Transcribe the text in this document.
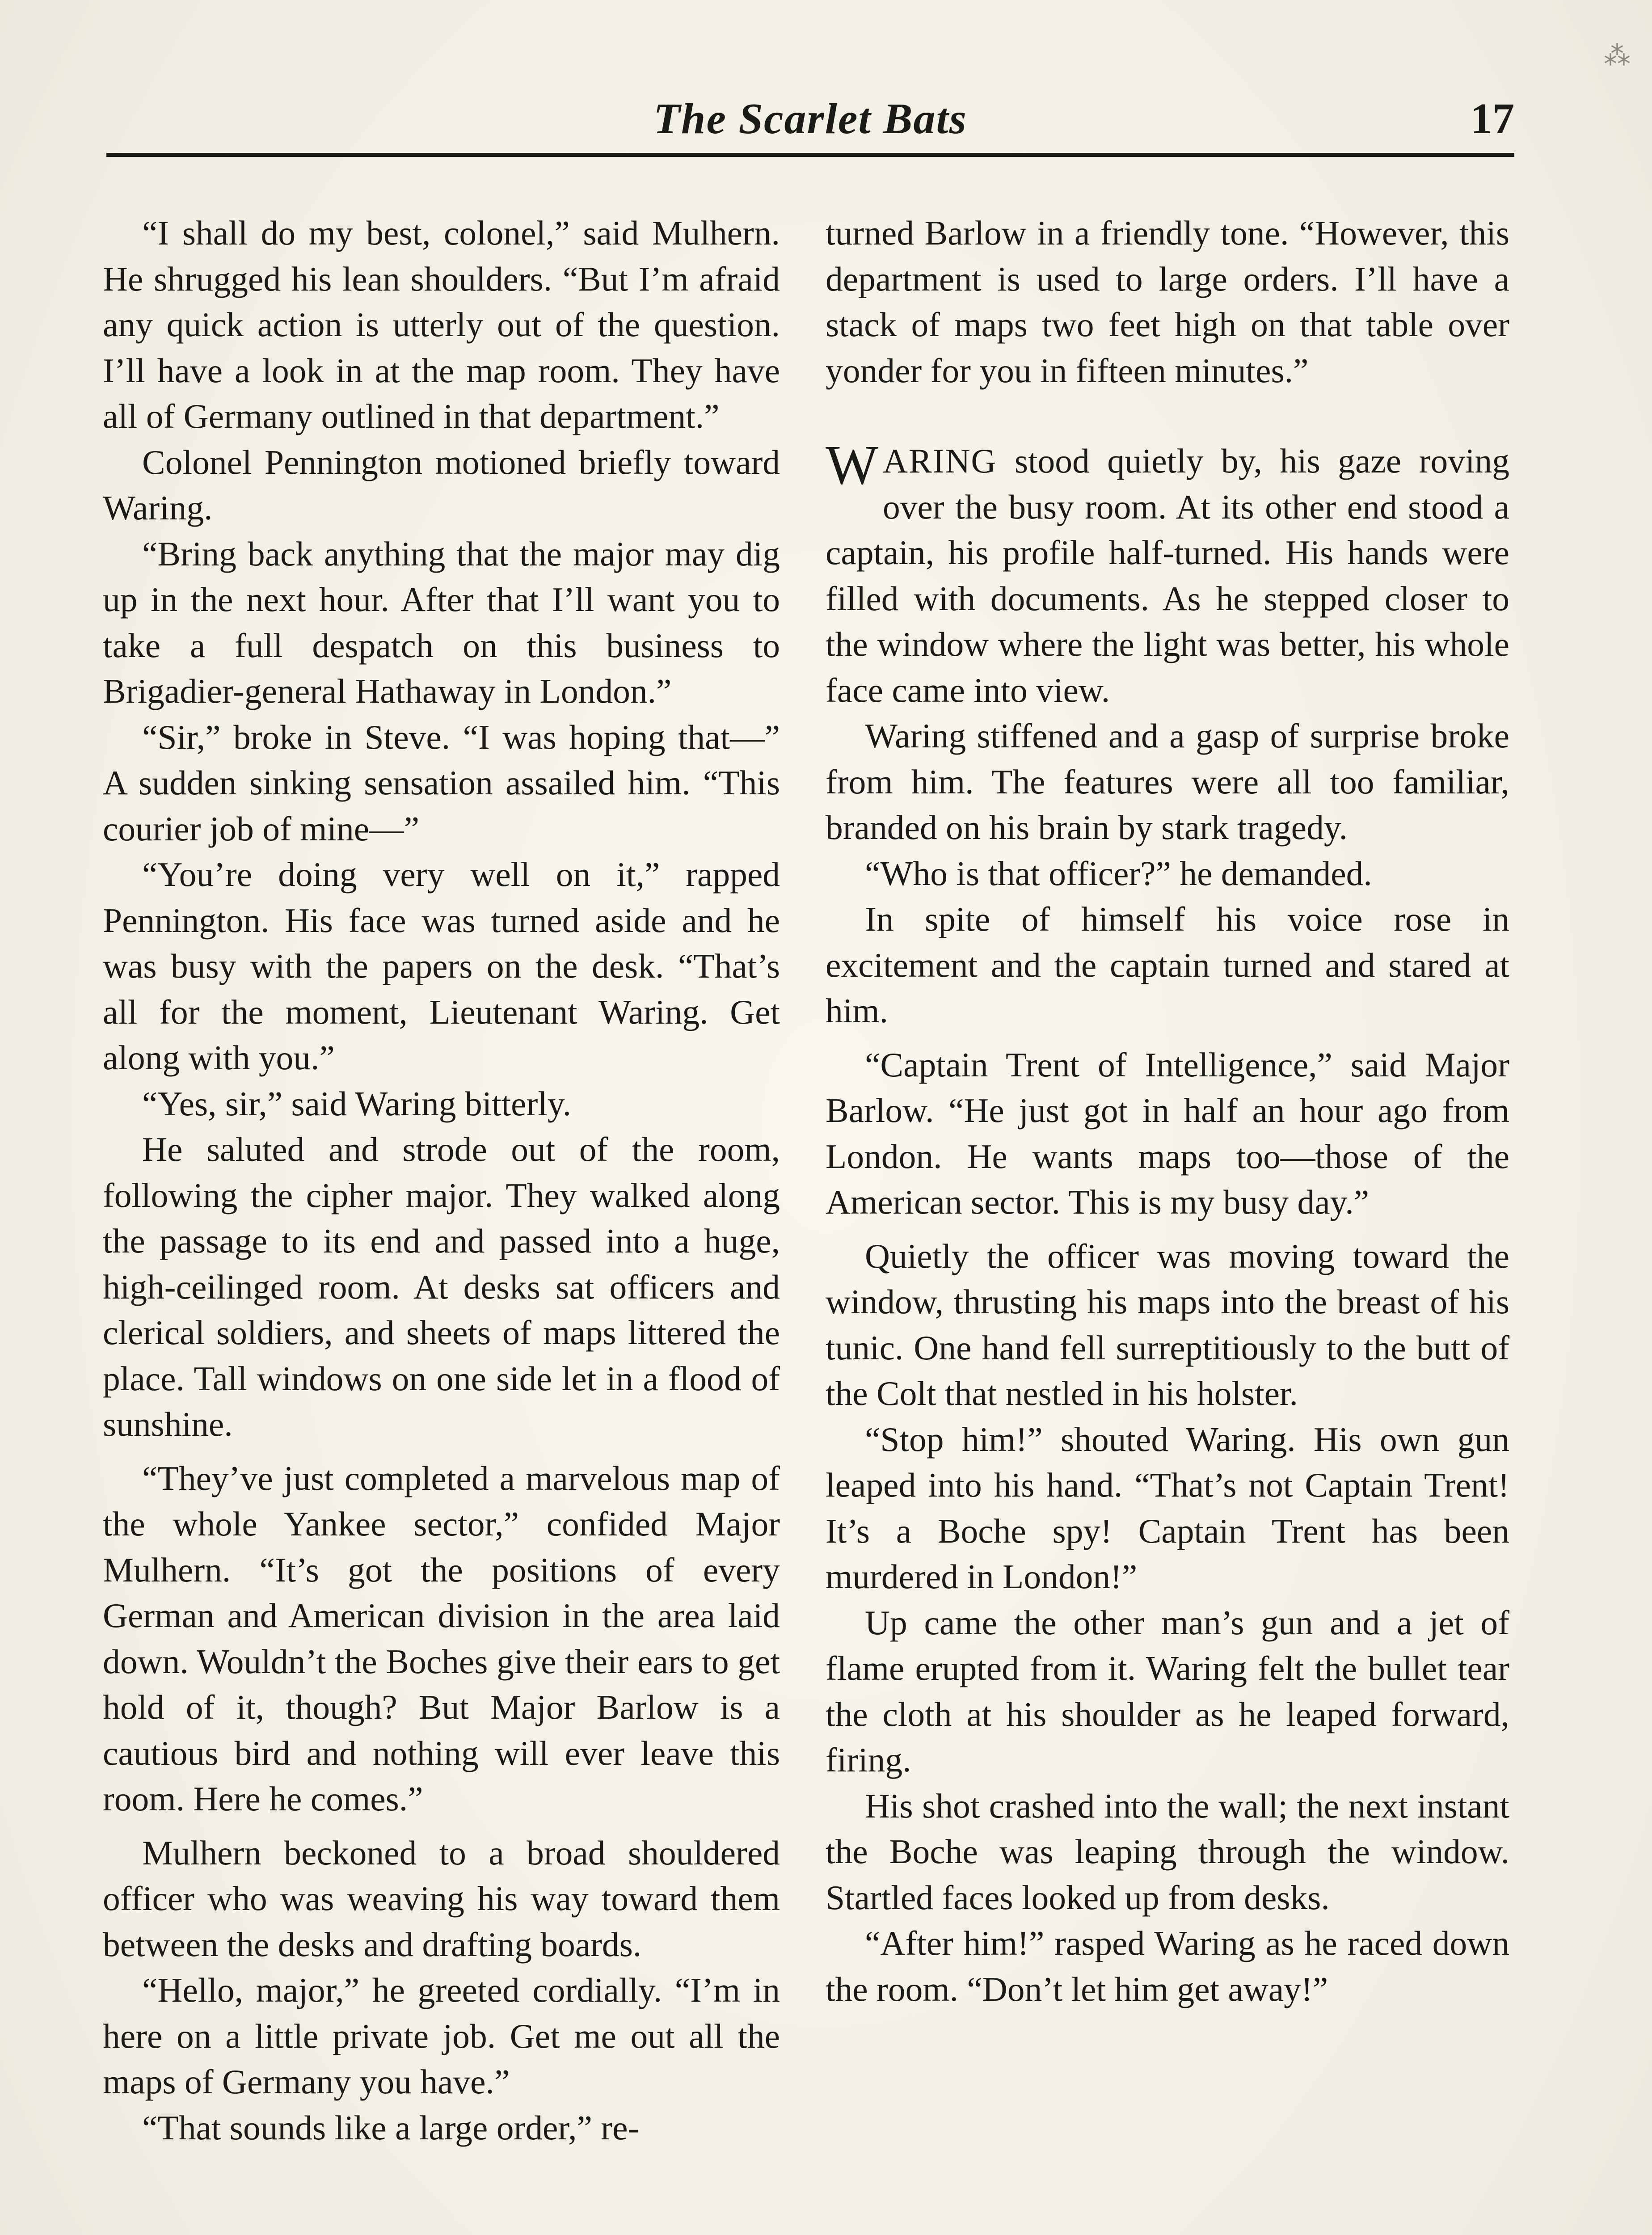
The Scarlet Bats	17

“I shall do my best, colonel,” said Mulhern. He shrugged his lean shoulders. “But I’m afraid any quick action is utterly out of the question. I’ll have a look in at the map room. They have all of Germany outlined in that department.”

Colonel Pennington motioned briefly toward Waring.

“Bring back anything that the major may dig up in the next hour. After that I’ll want you to take a full despatch on this business to Brigadier-general Hathaway in London.”

“Sir,” broke in Steve. “I was hoping that—” A sudden sinking sensation assailed him. “This courier job of mine—”

“You’re doing very well on it,” rapped Pennington. His face was turned aside and he was busy with the papers on the desk. “That’s all for the moment, Lieutenant Waring. Get along with you.”

“Yes, sir,” said Waring bitterly.

He saluted and strode out of the room, following the cipher major. They walked along the passage to its end and passed into a huge, high-ceilinged room. At desks sat officers and clerical soldiers, and sheets of maps littered the place. Tall windows on one side let in a flood of sunshine.

“They’ve just completed a marvelous map of the whole Yankee sector,” confided Major Mulhern. “It’s got the positions of every German and American division in the area laid down. Wouldn’t the Boches give their ears to get hold of it, though? But Major Barlow is a cautious bird and nothing will ever leave this room. Here he comes.”

Mulhern beckoned to a broad shouldered officer who was weaving his way toward them between the desks and drafting boards.

“Hello, major,” he greeted cordially. “I’m in here on a little private job. Get me out all the maps of Germany you have.”

“That sounds like a large order,” re-

turned Barlow in a friendly tone. “However, this department is used to large orders. I’ll have a stack of maps two feet high on that table over yonder for you in fifteen minutes.”

WARING stood quietly by, his gaze roving over the busy room. At its other end stood a captain, his profile half-turned. His hands were filled with documents. As he stepped closer to the window where the light was better, his whole face came into view.

Waring stiffened and a gasp of surprise broke from him. The features were all too familiar, branded on his brain by stark tragedy.

“Who is that officer?” he demanded.

In spite of himself his voice rose in excitement and the captain turned and stared at him.

“Captain Trent of Intelligence,” said Major Barlow. “He just got in half an hour ago from London. He wants maps too—those of the American sector. This is my busy day.”

Quietly the officer was moving toward the window, thrusting his maps into the breast of his tunic. One hand fell surreptitiously to the butt of the Colt that nestled in his holster.

“Stop him!” shouted Waring. His own gun leaped into his hand. “That’s not Captain Trent! It’s a Boche spy! Captain Trent has been murdered in London!”

Up came the other man’s gun and a jet of flame erupted from it. Waring felt the bullet tear the cloth at his shoulder as he leaped forward, firing.

His shot crashed into the wall; the next instant the Boche was leaping through the window. Startled faces looked up from desks.

“After him!” rasped Waring as he raced down the room. “Don’t let him get away!”

⁂
